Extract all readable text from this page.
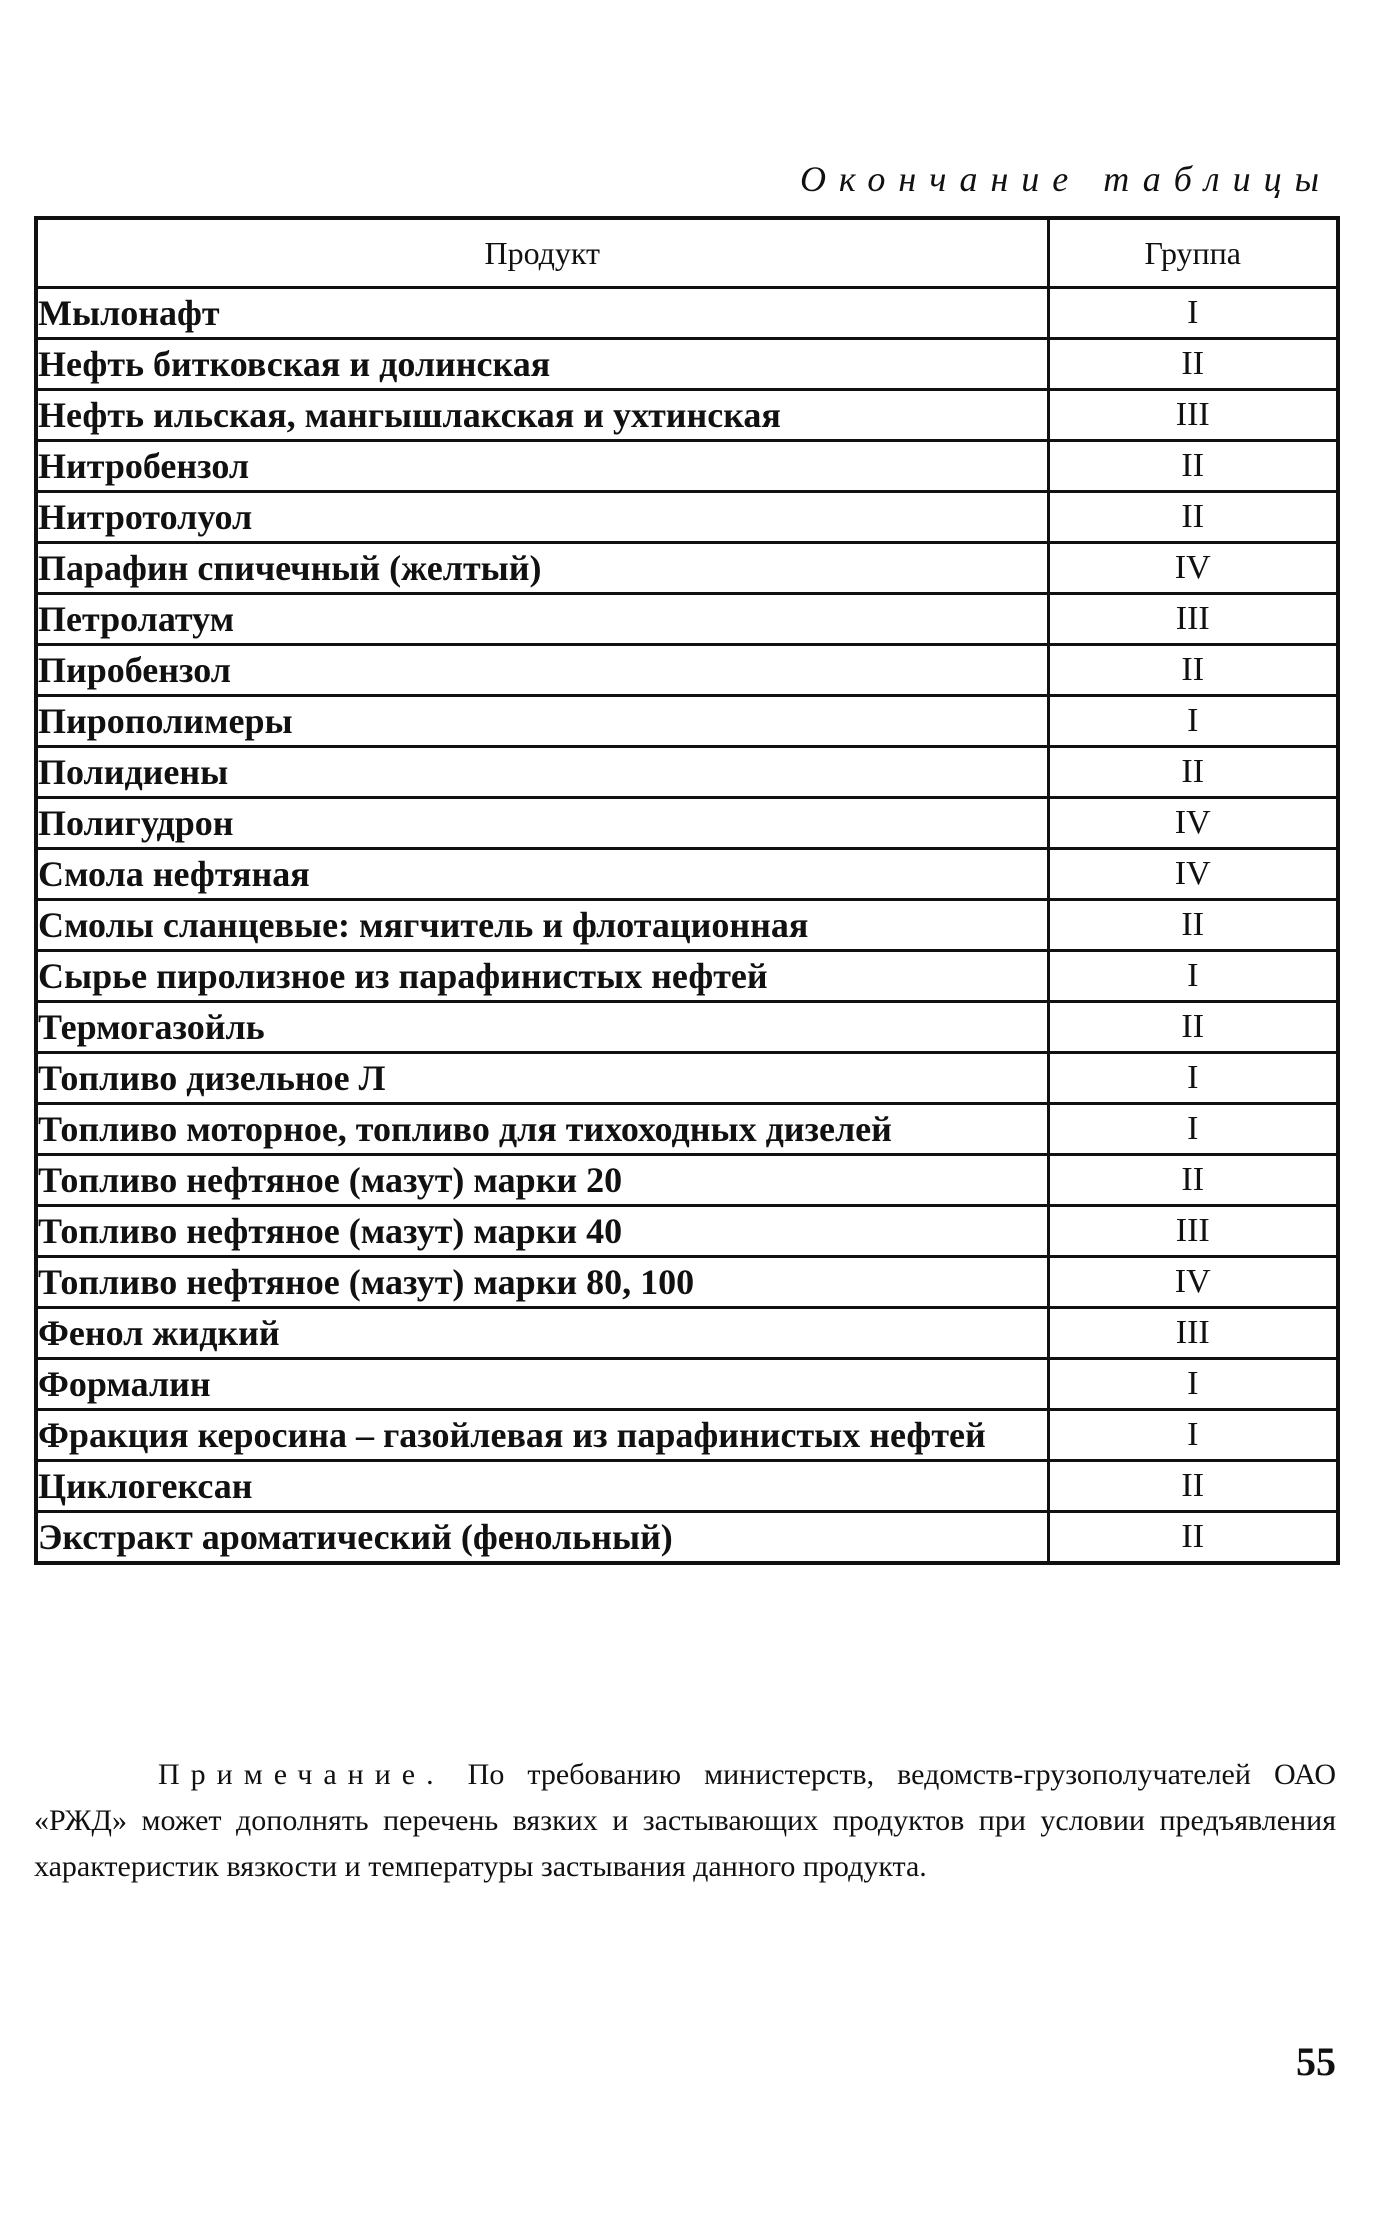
Окончание таблицы
Продукт	Группа
Мылонафт	I
Нефть битковская и долинская	II
Нефть ильская, мангышлакская и ухтинская	III
Нитробензол	II
Нитротолуол	II
Парафин спичечный (желтый)	IV
Петролатум	III
Пиробензол	II
Пирополимеры	I
Полидиены	II
Полигудрон	IV
Смола нефтяная	IV
Смолы сланцевые: мягчитель и флотационная	II
Сырье пиролизное из парафинистых нефтей	I
Термогазойль	II
Топливо дизельное Л	I
Топливо моторное, топливо для тихоходных дизелей	I
Топливо нефтяное (мазут) марки 20	II
Топливо нефтяное (мазут) марки 40	III
Топливо нефтяное (мазут) марки 80, 100	IV
Фенол жидкий	III
Формалин	I
Фракция керосина – газойлевая из парафинистых нефтей	I
Циклогексан	II
Экстракт ароматический (фенольный)	II

Примечание. По требованию министерств, ведомств-грузополучателей ОАО «РЖД» может дополнять перечень вязких и застывающих продуктов при условии предъявления характеристик вязкости и температуры застывания данного продукта.

55
